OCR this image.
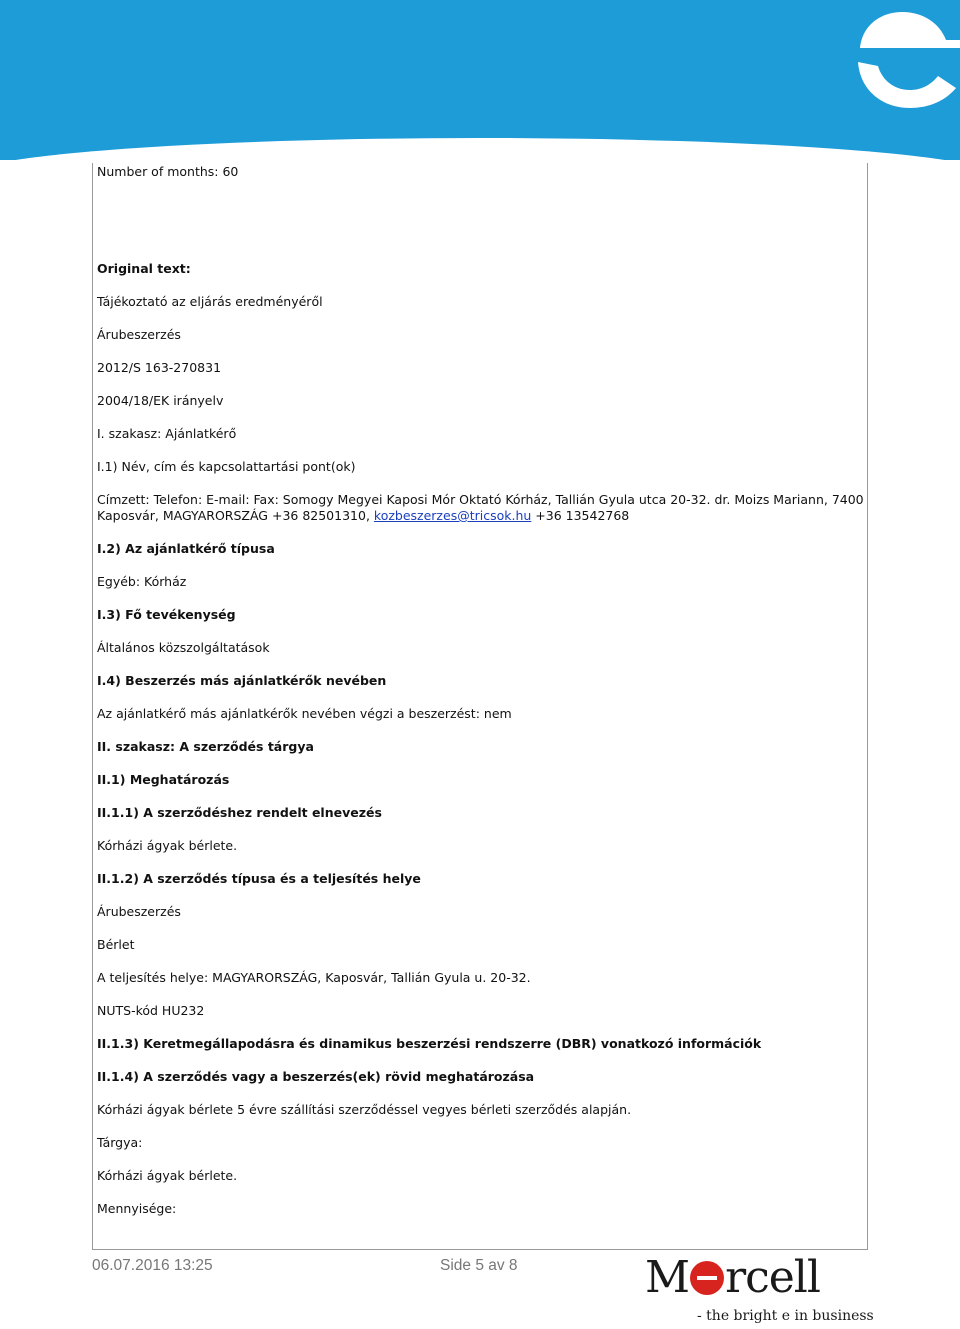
Number of months: 60
Original text:
Tájékoztató az eljárás eredményéről
Árubeszerzés
2012/S 163-270831
2004/18/EK irányelv
I. szakasz: Ajánlatkérő
I.1) Név, cím és kapcsolattartási pont(ok)
Címzett: Telefon: E-mail: Fax: Somogy Megyei Kaposi Mór Oktató Kórház, Tallián Gyula utca 20-32. dr. Moizs Mariann, 7400
Kaposvár, MAGYARORSZÁG +36 82501310, kozbeszerzes@tricsok.hu +36 13542768
I.2) Az ajánlatkérő típusa
Egyéb: Kórház
I.3) Fő tevékenység
Általános közszolgáltatások
I.4) Beszerzés más ajánlatkérők nevében
Az ajánlatkérő más ajánlatkérők nevében végzi a beszerzést: nem
II. szakasz: A szerződés tárgya
II.1) Meghatározás
II.1.1) A szerződéshez rendelt elnevezés
Kórházi ágyak bérlete.
II.1.2) A szerződés típusa és a teljesítés helye
Árubeszerzés
Bérlet
A teljesítés helye: MAGYARORSZÁG, Kaposvár, Tallián Gyula u. 20-32.
NUTS-kód HU232
II.1.3) Keretmegállapodásra és dinamikus beszerzési rendszerre (DBR) vonatkozó információk
II.1.4) A szerződés vagy a beszerzés(ek) rövid meghatározása
Kórházi ágyak bérlete 5 évre szállítási szerződéssel vegyes bérleti szerződés alapján.
Tárgya:
Kórházi ágyak bérlete.
Mennyisége:
06.07.2016 13:25	Side 5 av 8	M rcell
- the bright e in business
